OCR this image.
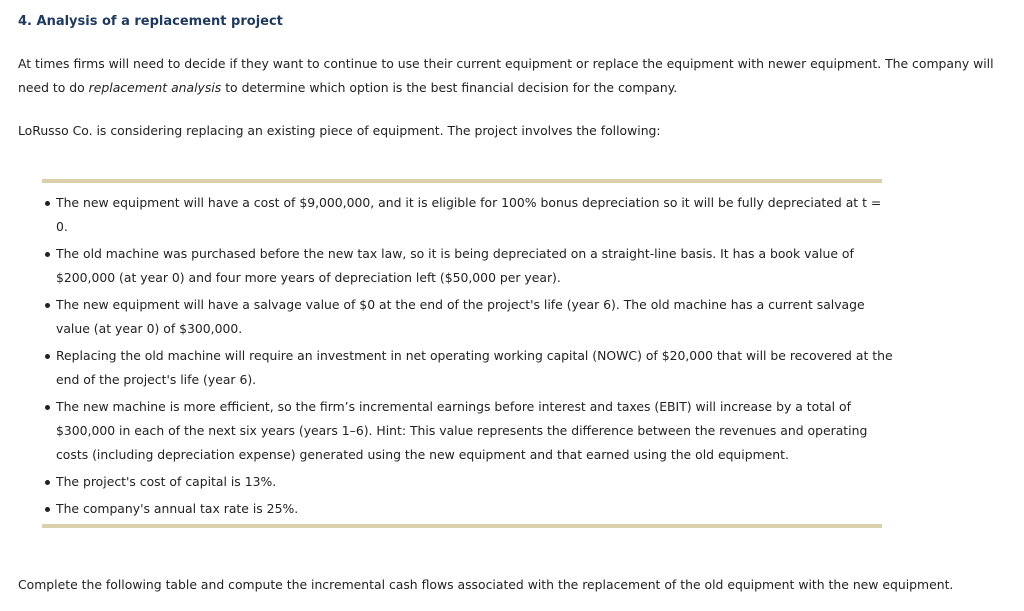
4. Analysis of a replacement project

At times firms will need to decide if they want to continue to use their current equipment or replace the equipment with newer equipment. The company will need to do replacement analysis to determine which option is the best financial decision for the company.

LoRusso Co. is considering replacing an existing piece of equipment. The project involves the following:

The new equipment will have a cost of $9,000,000, and it is eligible for 100% bonus depreciation so it will be fully depreciated at t = 0.
The old machine was purchased before the new tax law, so it is being depreciated on a straight-line basis. It has a book value of $200,000 (at year 0) and four more years of depreciation left ($50,000 per year).
The new equipment will have a salvage value of $0 at the end of the project's life (year 6). The old machine has a current salvage value (at year 0) of $300,000.
Replacing the old machine will require an investment in net operating working capital (NOWC) of $20,000 that will be recovered at the end of the project's life (year 6).
The new machine is more efficient, so the firm’s incremental earnings before interest and taxes (EBIT) will increase by a total of $300,000 in each of the next six years (years 1–6). Hint: This value represents the difference between the revenues and operating costs (including depreciation expense) generated using the new equipment and that earned using the old equipment.
The project's cost of capital is 13%.
The company's annual tax rate is 25%.

Complete the following table and compute the incremental cash flows associated with the replacement of the old equipment with the new equipment.
